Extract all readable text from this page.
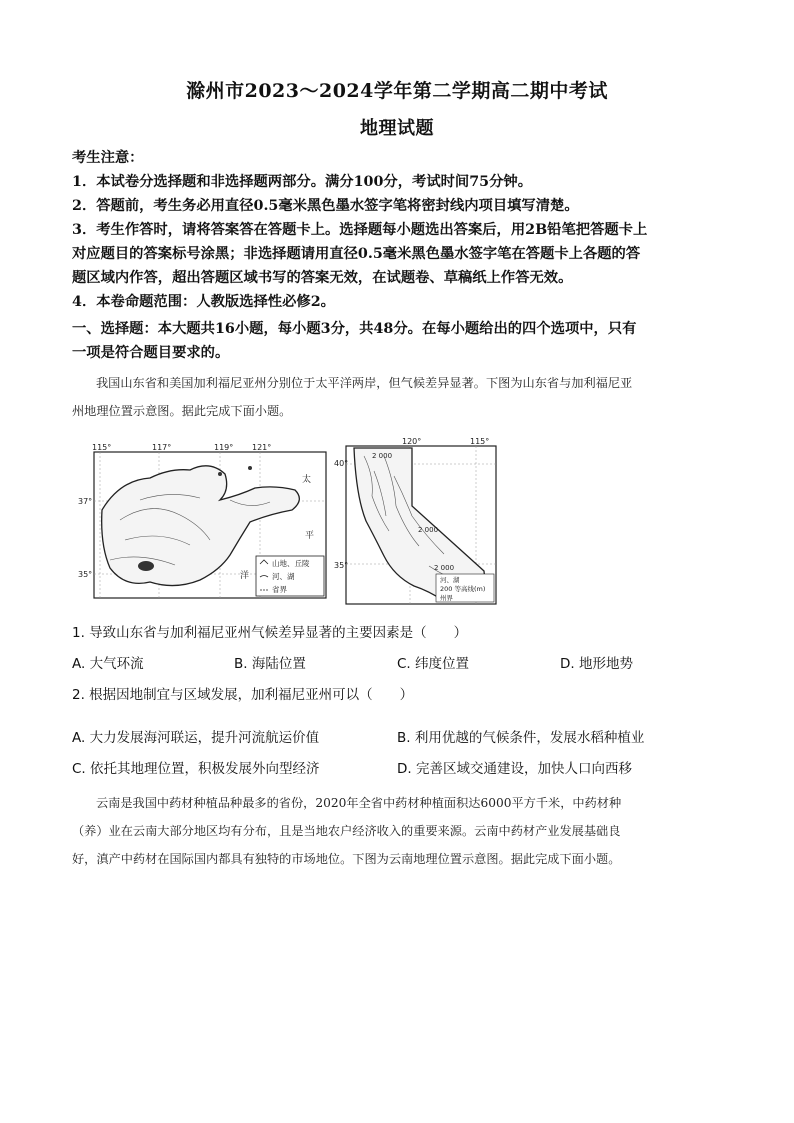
滁州市2023～2024学年第二学期高二期中考试
地理试题
考生注意：
1．本试卷分选择题和非选择题两部分。满分100分，考试时间75分钟。
2．答题前，考生务必用直径0.5毫米黑色墨水签字笔将密封线内项目填写清楚。
3．考生作答时，请将答案答在答题卡上。选择题每小题选出答案后，用2B铅笔把答题卡上
对应题目的答案标号涂黑；非选择题请用直径0.5毫米黑色墨水签字笔在答题卡上各题的答
题区域内作答，超出答题区域书写的答案无效，在试题卷、草稿纸上作答无效。
4．本卷命题范围：人教版选择性必修2。
一、选择题：本大题共16小题，每小题3分，共48分。在每小题给出的四个选项中，只有
一项是符合题目要求的。
我国山东省和美国加利福尼亚州分别位于太平洋两岸，但气候差异显著。下图为山东省与加利福尼亚
州地理位置示意图。据此完成下面小题。
115°	117°	119° 121°
37°
35°
太
平
洋
山地、丘陵
河、湖
省界
120°	115°
40°
35°
2 000
2 000
2 000
河、湖
200 等高线(m)
州界
1. 导致山东省与加利福尼亚州气候差异显著的主要因素是（　　）
A. 大气环流	B. 海陆位置	C. 纬度位置	D. 地形地势
2. 根据因地制宜与区域发展，加利福尼亚州可以（　　）
A. 大力发展海河联运，提升河流航运价值	B. 利用优越的气候条件，发展水稻种植业
C. 依托其地理位置，积极发展外向型经济	D. 完善区域交通建设，加快人口向西移
云南是我国中药材种植品种最多的省份，2020年全省中药材种植面积达6000平方千米，中药材种
（养）业在云南大部分地区均有分布，且是当地农户经济收入的重要来源。云南中药材产业发展基础良
好，滇产中药材在国际国内都具有独特的市场地位。下图为云南地理位置示意图。据此完成下面小题。
